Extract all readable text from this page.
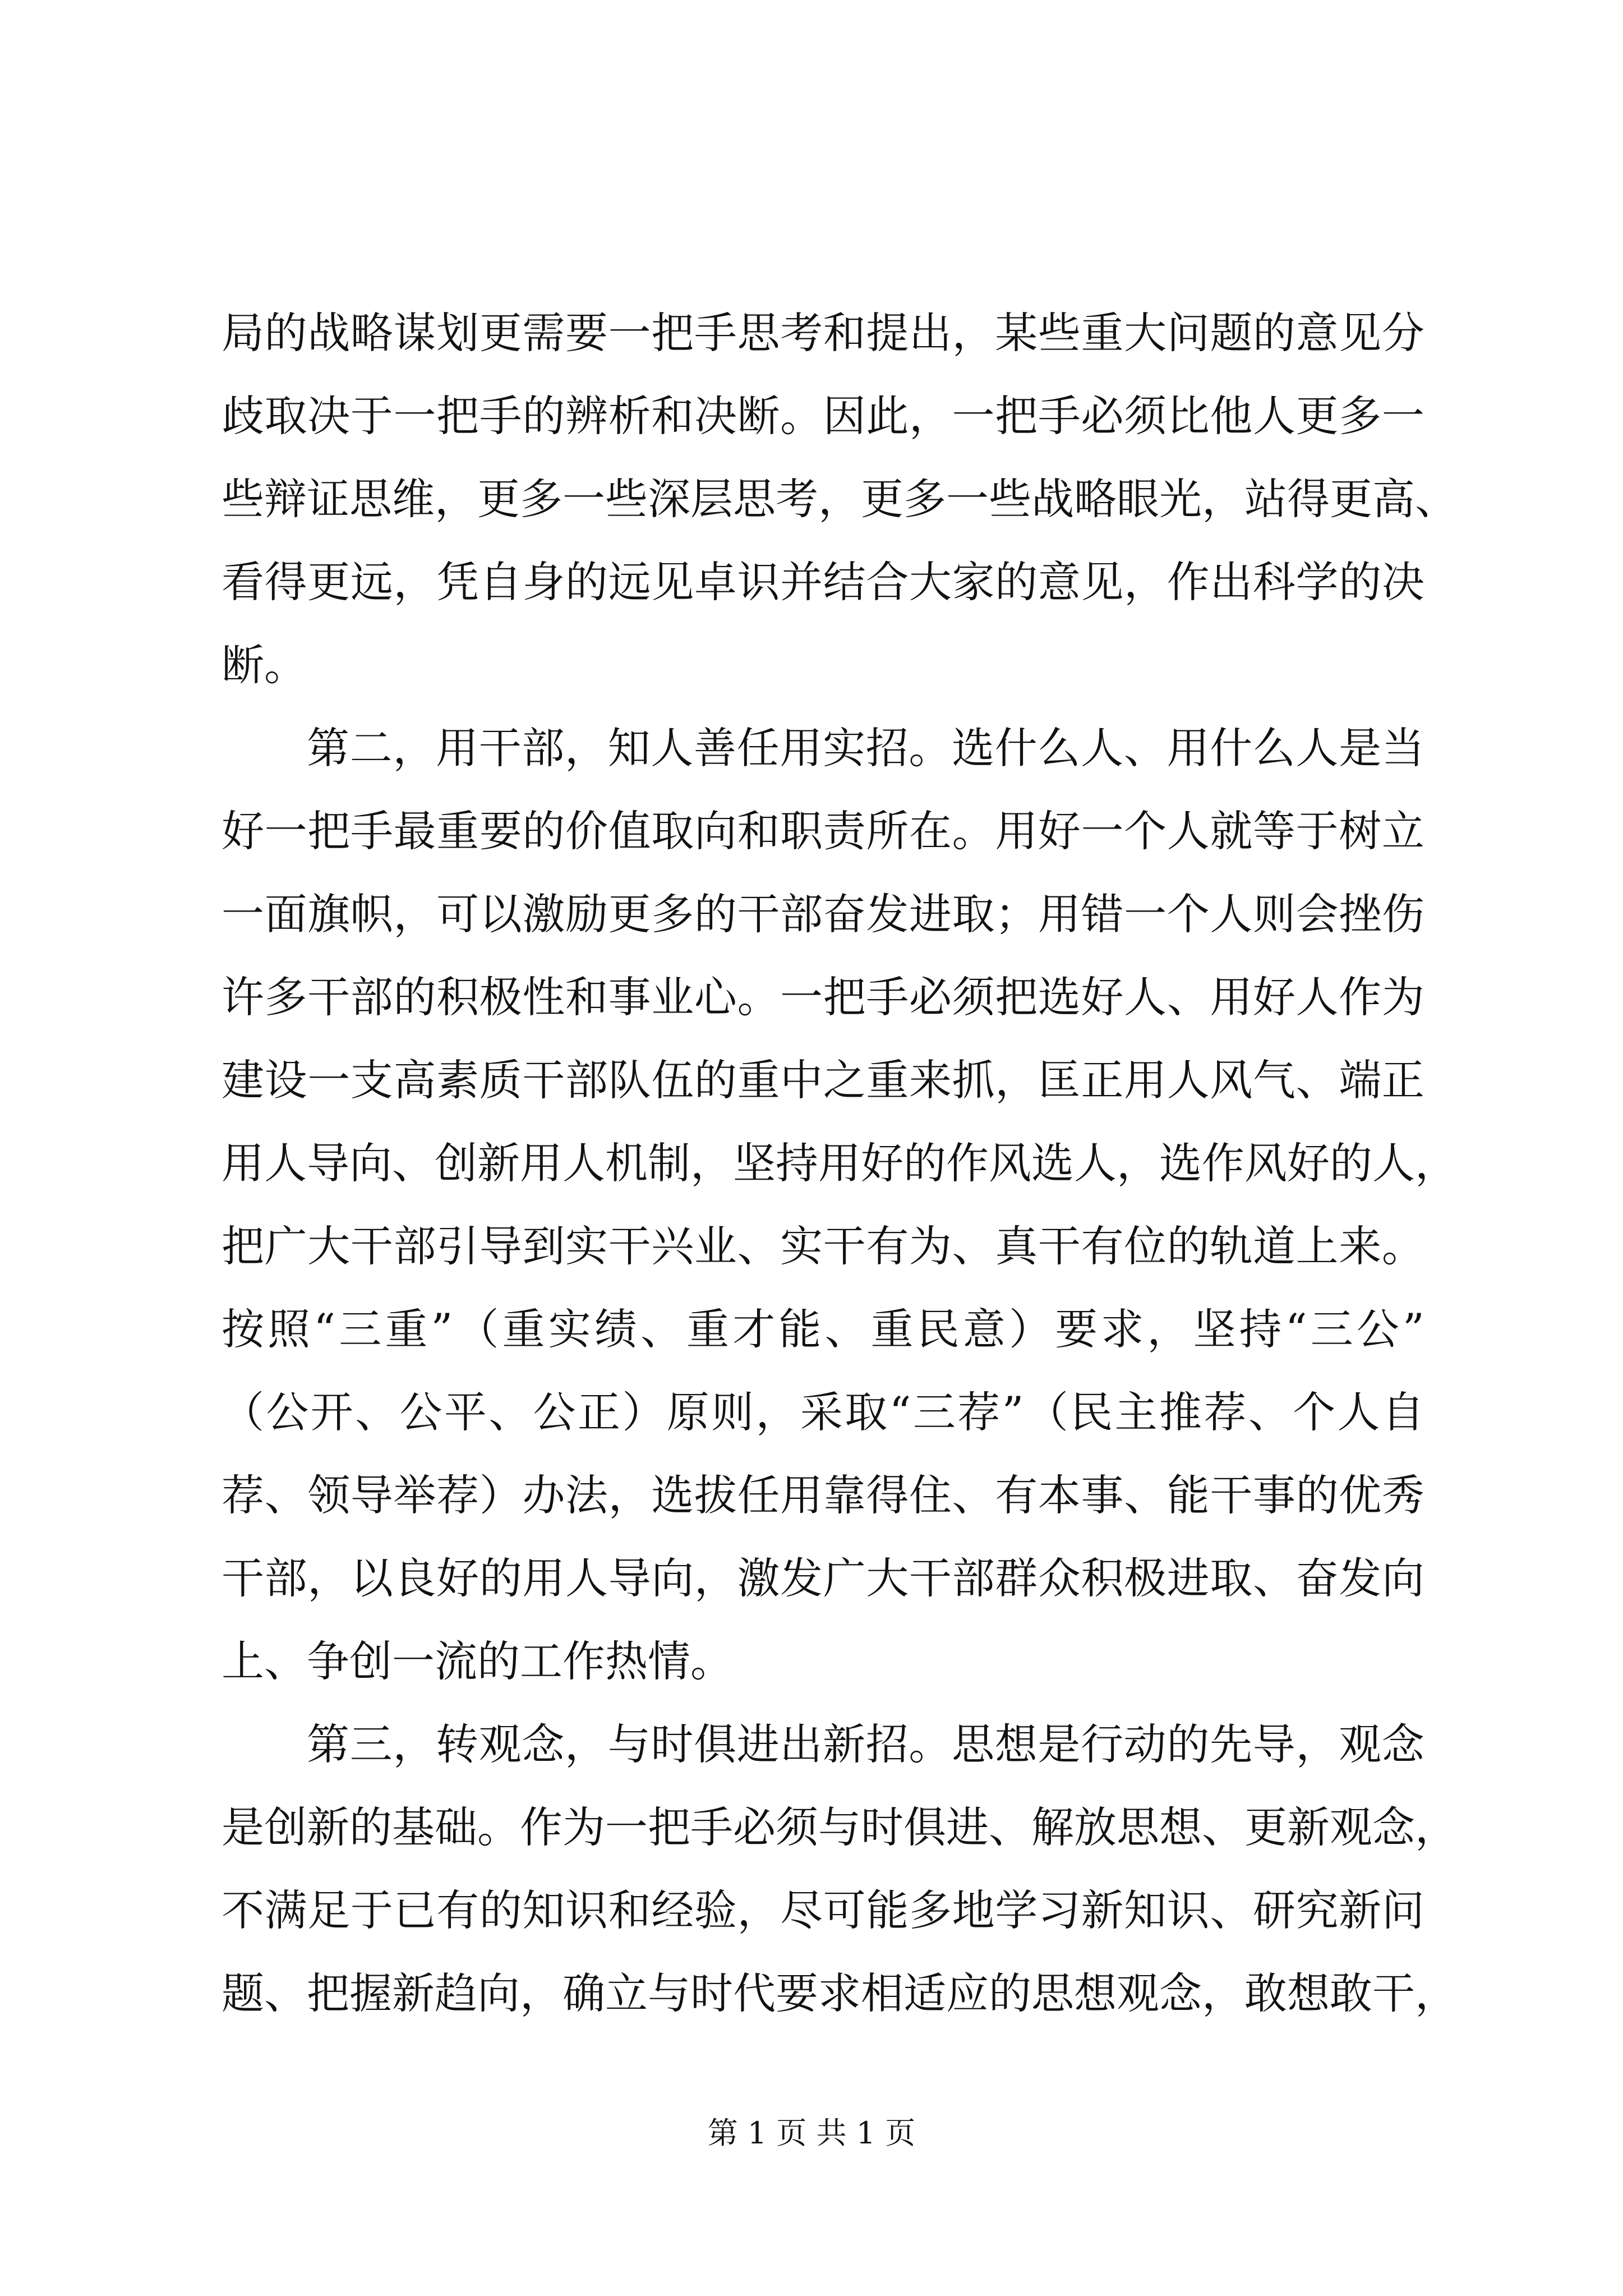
局 的 战 略 谋 划 更 需 要 一 把 手 思 考 和 提 出 ， 某 些 重 大 问 题 的 意 见 分
歧 取 决 于 一 把 手 的 辨 析 和 决 断 。 因 此 ， 一 把 手 必 须 比 他 人 更 多 一
些 辩 证 思 维 ， 更 多 一 些 深 层 思 考 ， 更 多 一 些 战 略 眼 光 ， 站 得 更 高 、
看 得 更 远 ， 凭 自 身 的 远 见 卓 识 并 结 合 大 家 的 意 见 ， 作 出 科 学 的 决
断。
第 二 ， 用 干 部 ， 知 人 善 任 用 实 招 。 选 什 么 人 、 用 什 么 人 是 当
好 一 把 手 最 重 要 的 价 值 取 向 和 职 责 所 在 。 用 好 一 个 人 就 等 于 树 立
一 面 旗 帜 ， 可 以 激 励 更 多 的 干 部 奋 发 进 取 ； 用 错 一 个 人 则 会 挫 伤
许 多 干 部 的 积 极 性 和 事 业 心 。 一 把 手 必 须 把 选 好 人 、 用 好 人 作 为
建 设 一 支 高 素 质 干 部 队 伍 的 重 中 之 重 来 抓 ， 匡 正 用 人 风 气 、 端 正
用 人 导 向 、 创 新 用 人 机 制 ， 坚 持 用 好 的 作 风 选 人 ， 选 作 风 好 的 人 ，
把 广 大 干 部 引 导 到 实 干 兴 业 、 实 干 有 为 、 真 干 有 位 的 轨 道 上 来 。
按 照 “ 三 重 ” （ 重 实 绩 、 重 才 能 、 重 民 意 ） 要 求 ， 坚 持 “ 三 公 ”
（ 公 开 、 公 平 、 公 正 ） 原 则 ， 采 取 “ 三 荐 ” （ 民 主 推 荐 、 个 人 自
荐 、 领 导 举 荐 ） 办 法 ， 选 拔 任 用 靠 得 住 、 有 本 事 、 能 干 事 的 优 秀
干 部 ， 以 良 好 的 用 人 导 向 ， 激 发 广 大 干 部 群 众 积 极 进 取 、 奋 发 向
上、争创一流的工作热情。
第 三 ， 转 观 念 ， 与 时 俱 进 出 新 招 。 思 想 是 行 动 的 先 导 ， 观 念
是 创 新 的 基 础 。 作 为 一 把 手 必 须 与 时 俱 进 、 解 放 思 想 、 更 新 观 念 ，
不 满 足 于 已 有 的 知 识 和 经 验 ， 尽 可 能 多 地 学 习 新 知 识 、 研 究 新 问
题 、 把 握 新 趋 向 ， 确 立 与 时 代 要 求 相 适 应 的 思 想 观 念 ， 敢 想 敢 干 ，
第 1 页 共 1 页
